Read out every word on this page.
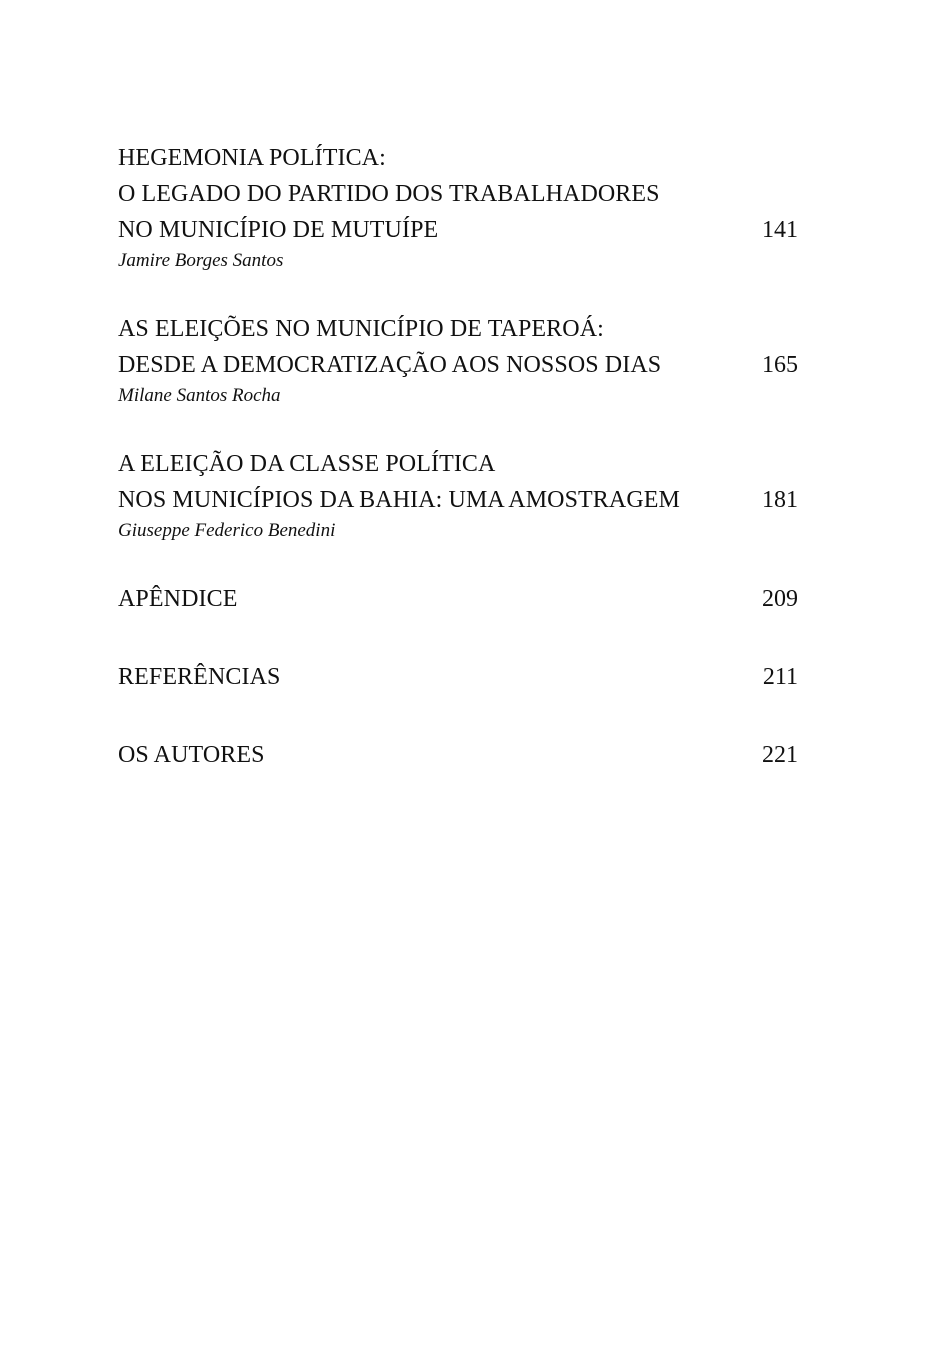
HEGEMONIA POLÍTICA:
O LEGADO DO PARTIDO DOS TRABALHADORES
NO MUNICÍPIO DE MUTUÍPE	141
Jamire Borges Santos
AS ELEIÇÕES NO MUNICÍPIO DE TAPEROÁ:
DESDE A DEMOCRATIZAÇÃO AOS NOSSOS DIAS	165
Milane Santos Rocha
A ELEIÇÃO DA CLASSE POLÍTICA
NOS MUNICÍPIOS DA BAHIA: UMA AMOSTRAGEM	181
Giuseppe Federico Benedini
APÊNDICE	209
REFERÊNCIAS	211
OS AUTORES	221
